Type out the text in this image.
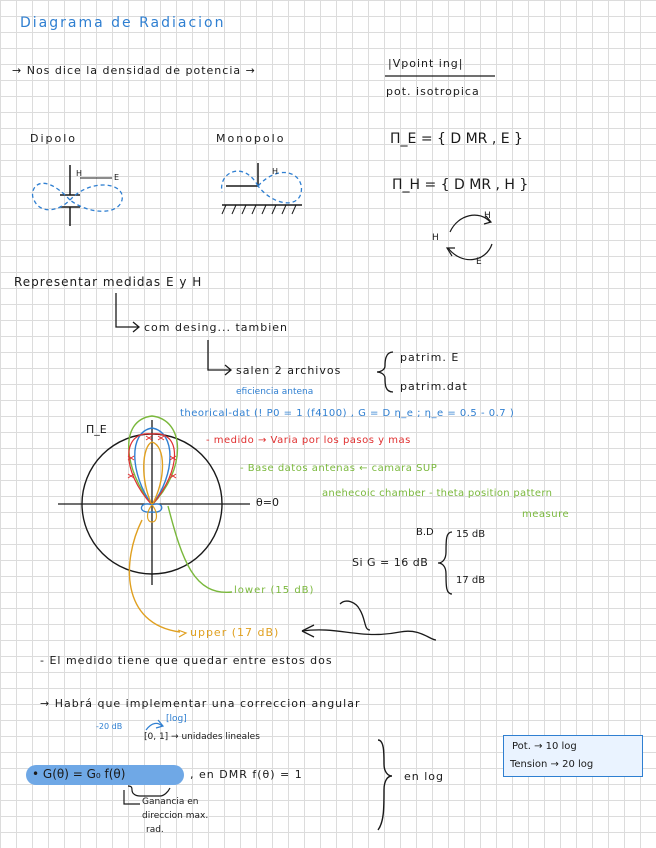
Diagrama de Radiacion
→ Nos dice la densidad de potencia →
|Vpoint ing|
pot. isotropica
Dipolo
H	E
Monopolo
H
Π_E = { D MR , E }
Π_H = { D MR , H }
H
E
H
Representar medidas E y H
com desing... tambien
salen 2 archivos
patrim. E
patrim.dat
eficiencia antena
theorical-dat (! P0 = 1 (f4100) , G = D η_e ; η_e = 0.5 - 0.7 )
- medido → Varia por los pasos y mas
- Base datos antenas ← camara SUP
anehecoic chamber - theta position pattern
measure
Π_E
θ=0
B.D
Si G = 16 dB
15 dB
17 dB
lower (15 dB)
upper (17 dB)
- El medido tiene que quedar entre estos dos
→ Habrá que implementar una correccion angular
-20 dB
[log]
[0, 1] → unidades lineales
• G(θ) = G₀ f(θ)	, en DMR f(θ) = 1	en log
Ganancia en
direccion max.
rad.
Pot. → 10 log
Tension → 20 log
